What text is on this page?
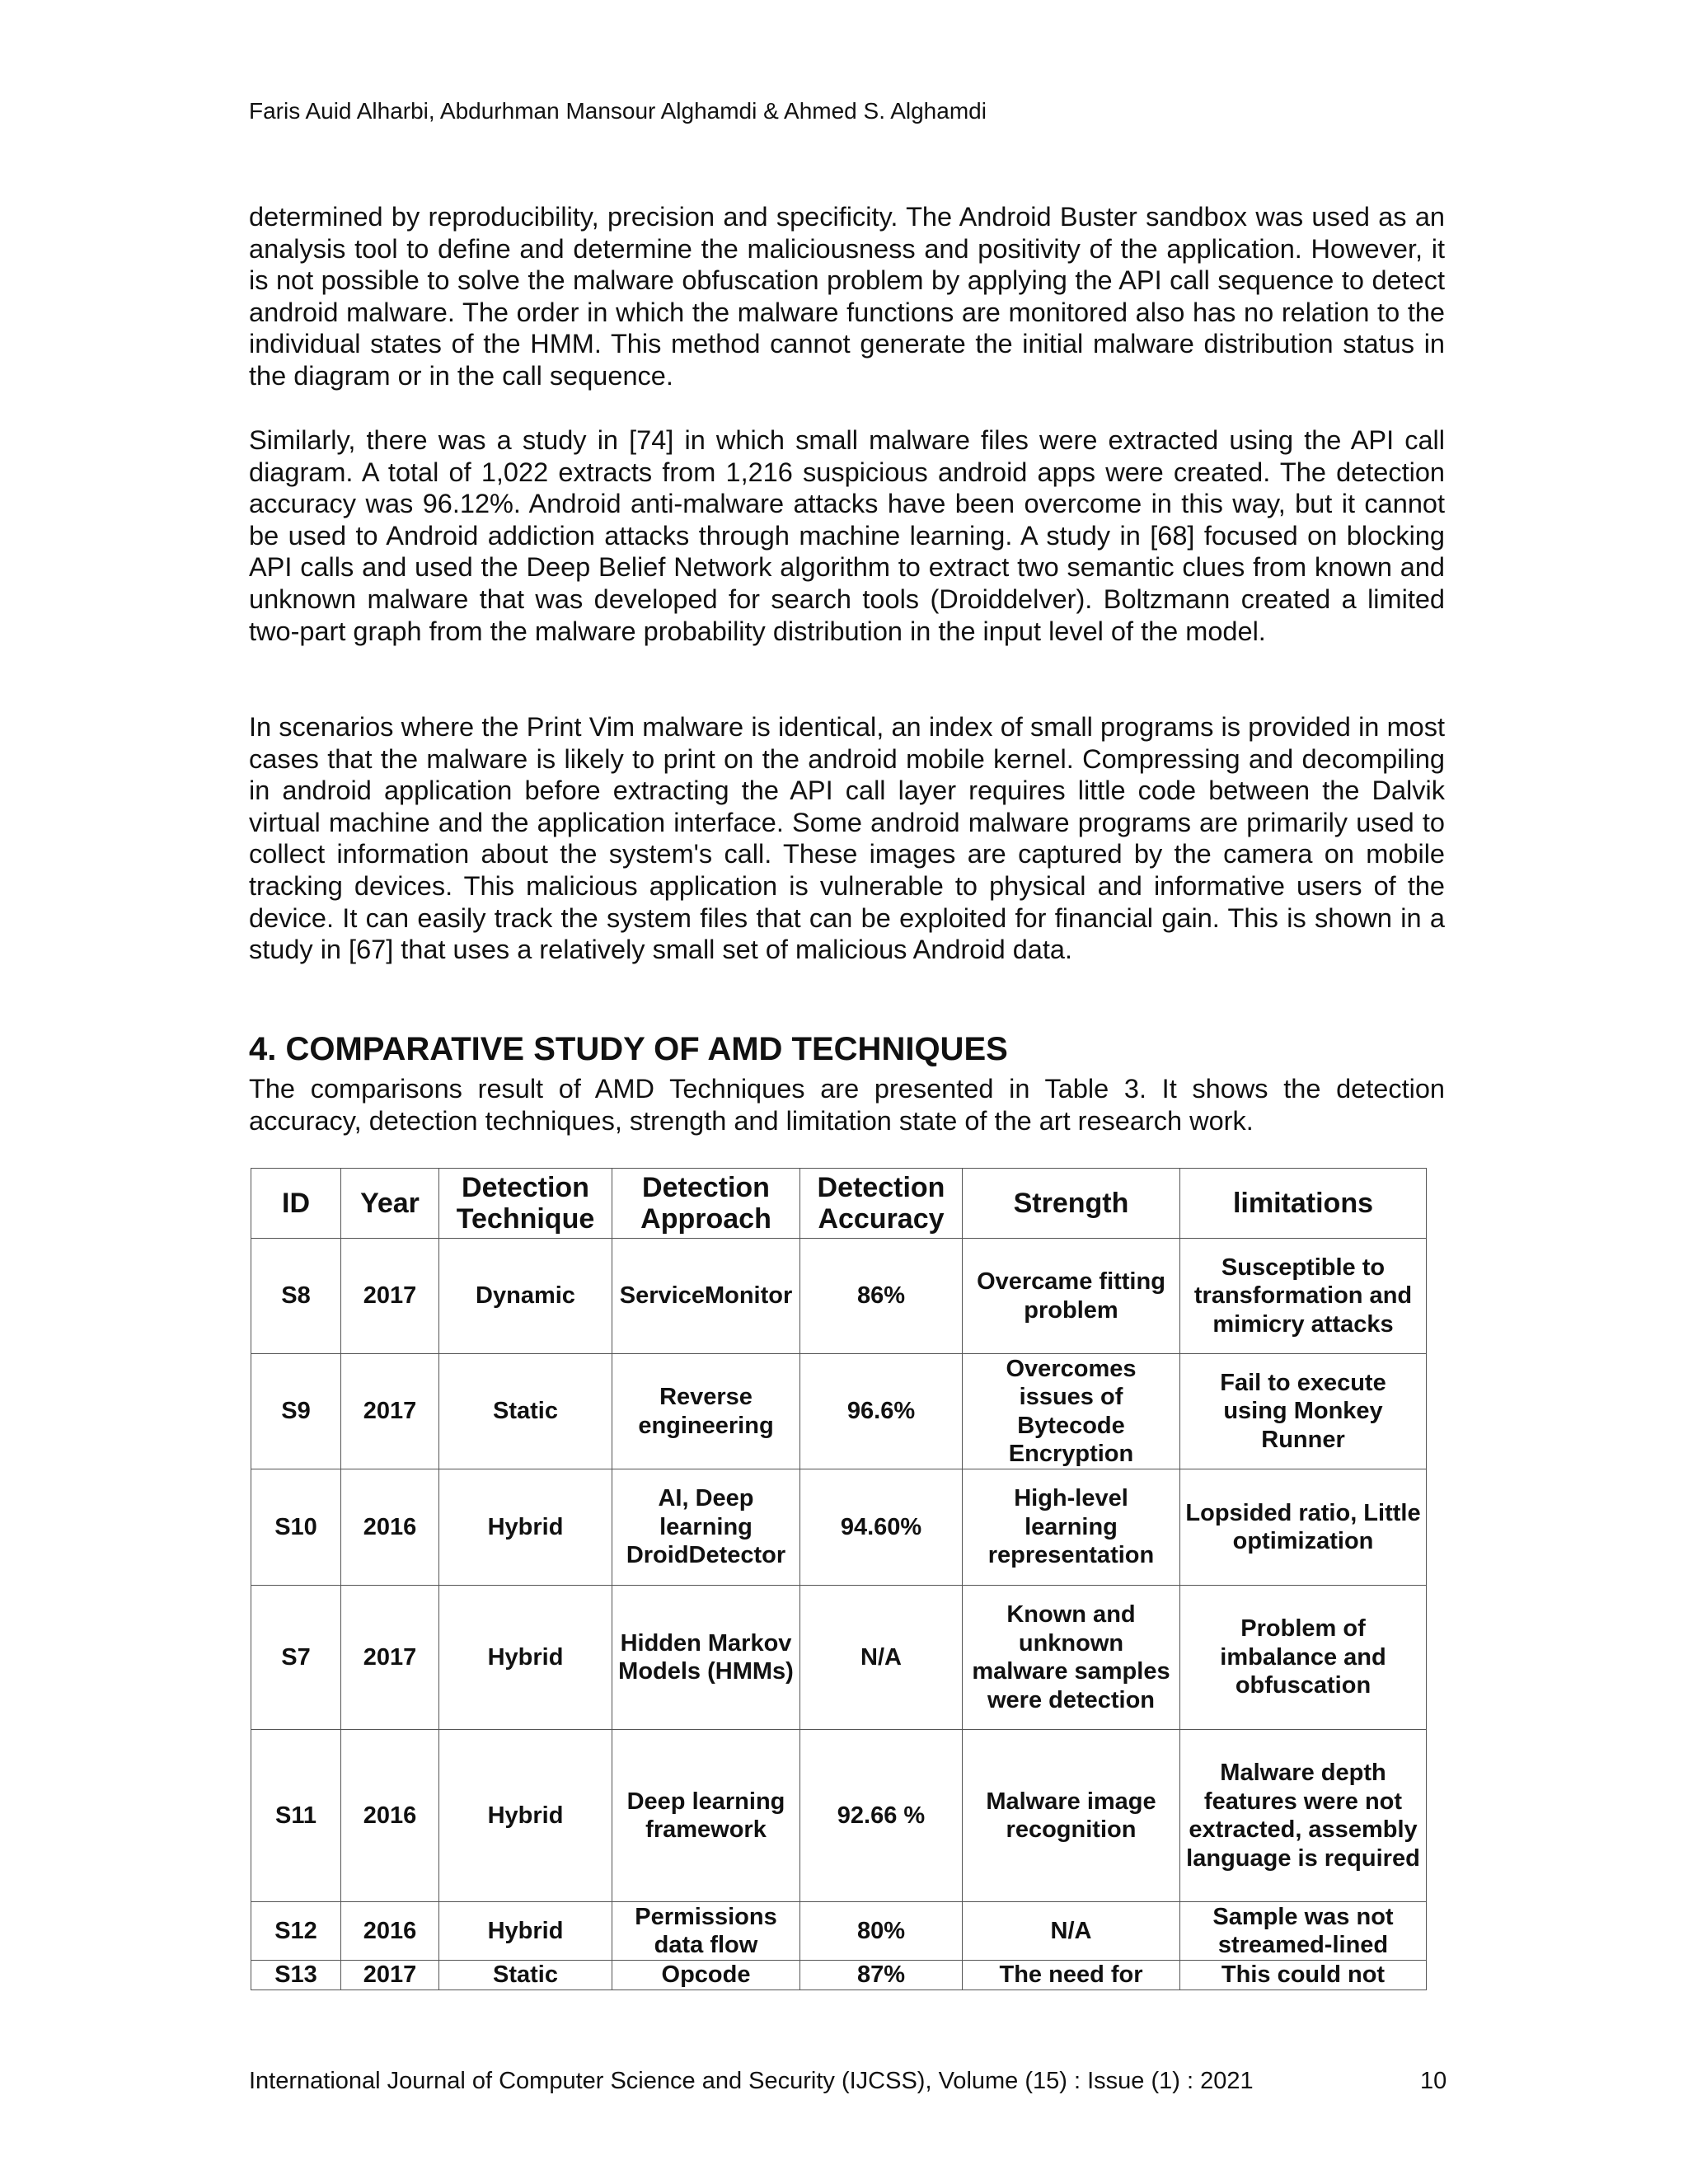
Faris Auid Alharbi, Abdurhman Mansour Alghamdi & Ahmed S. Alghamdi

determined by reproducibility, precision and specificity. The Android Buster sandbox was used as an analysis tool to define and determine the maliciousness and positivity of the application. However, it is not possible to solve the malware obfuscation problem by applying the API call sequence to detect android malware. The order in which the malware functions are monitored also has no relation to the individual states of the HMM. This method cannot generate the initial malware distribution status in the diagram or in the call sequence.

Similarly, there was a study in [74] in which small malware files were extracted using the API call diagram. A total of 1,022 extracts from 1,216 suspicious android apps were created. The detection accuracy was 96.12%. Android anti-malware attacks have been overcome in this way, but it cannot be used to Android addiction attacks through machine learning. A study in [68] focused on blocking API calls and used the Deep Belief Network algorithm to extract two semantic clues from known and unknown malware that was developed for search tools (Droiddelver). Boltzmann created a limited two-part graph from the malware probability distribution in the input level of the model.

In scenarios where the Print Vim malware is identical, an index of small programs is provided in most cases that the malware is likely to print on the android mobile kernel. Compressing and decompiling in android application before extracting the API call layer requires little code between the Dalvik virtual machine and the application interface. Some android malware programs are primarily used to collect information about the system's call. These images are captured by the camera on mobile tracking devices. This malicious application is vulnerable to physical and informative users of the device. It can easily track the system files that can be exploited for financial gain. This is shown in a study in [67] that uses a relatively small set of malicious Android data.

4. COMPARATIVE STUDY OF AMD TECHNIQUES

The comparisons result of AMD Techniques are presented in Table 3. It shows the detection accuracy, detection techniques, strength and limitation state of the art research work.

ID	Year	Detection Technique	Detection Approach	Detection Accuracy	Strength	limitations
S8	2017	Dynamic	ServiceMonitor	86%	Overcame fitting problem	Susceptible to transformation and mimicry attacks
S9	2017	Static	Reverse engineering	96.6%	Overcomes issues of Bytecode Encryption	Fail to execute using Monkey Runner
S10	2016	Hybrid	AI, Deep learning DroidDetector	94.60%	High-level learning representation	Lopsided ratio, Little optimization
S7	2017	Hybrid	Hidden Markov Models (HMMs)	N/A	Known and unknown malware samples were detection	Problem of imbalance and obfuscation
S11	2016	Hybrid	Deep learning framework	92.66 %	Malware image recognition	Malware depth features were not extracted, assembly language is required
S12	2016	Hybrid	Permissions data flow	80%	N/A	Sample was not streamed-lined
S13	2017	Static	Opcode	87%	The need for	This could not
International Journal of Computer Science and Security (IJCSS), Volume (15) : Issue (1) : 2021	10
